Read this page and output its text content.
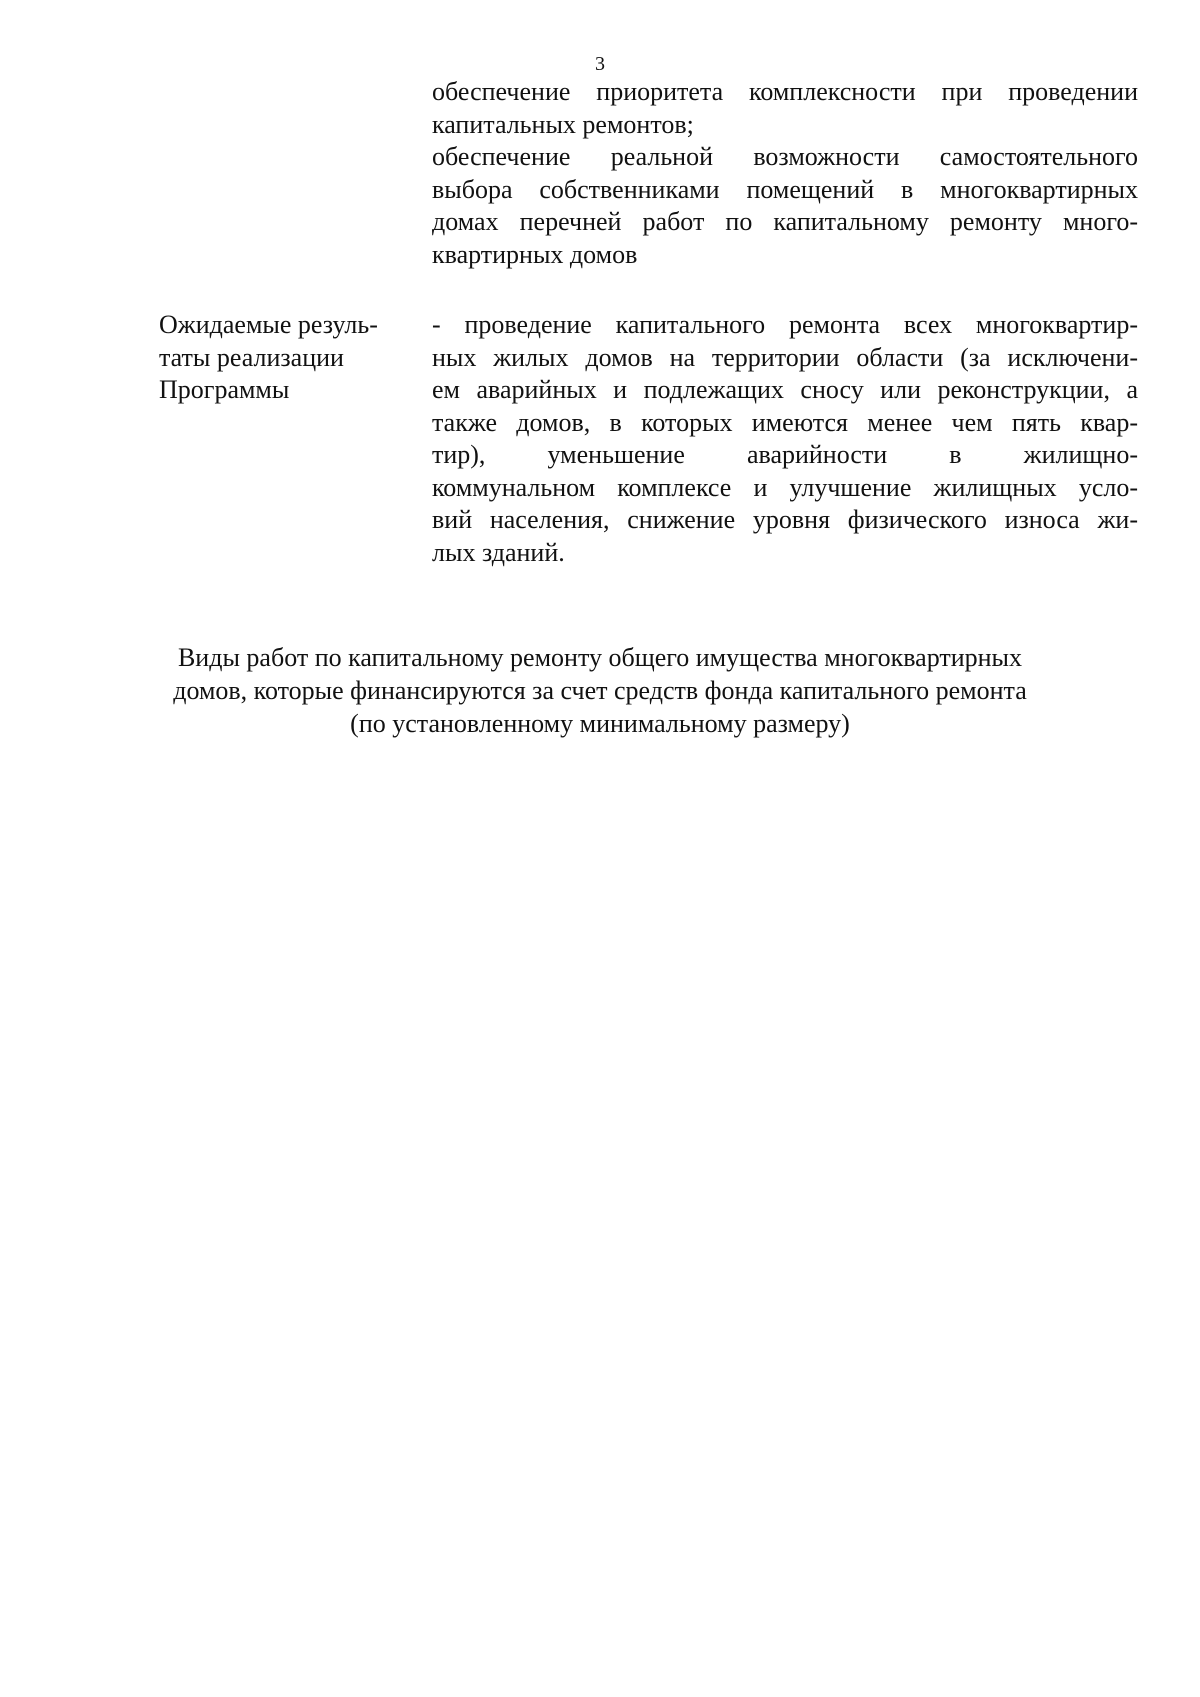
3
обеспечение приоритета комплексности при проведении
капитальных ремонтов;
обеспечение реальной возможности самостоятельного
выбора собственниками помещений в многоквартирных
домах перечней работ по капитальному ремонту много-
квартирных домов
Ожидаемые резуль-
таты реализации
Программы
- проведение капитального ремонта всех многоквартир-
ных жилых домов на территории области (за исключени-
ем аварийных и подлежащих сносу или реконструкции, а
также домов, в которых имеются менее чем пять квар-
тир), уменьшение аварийности в жилищно-
коммунальном комплексе и улучшение жилищных усло-
вий населения, снижение уровня физического износа жи-
лых зданий.
Виды работ по капитальному ремонту общего имущества многоквартирных
домов, которые финансируются за счет средств фонда капитального ремонта
(по установленному минимальному размеру)
